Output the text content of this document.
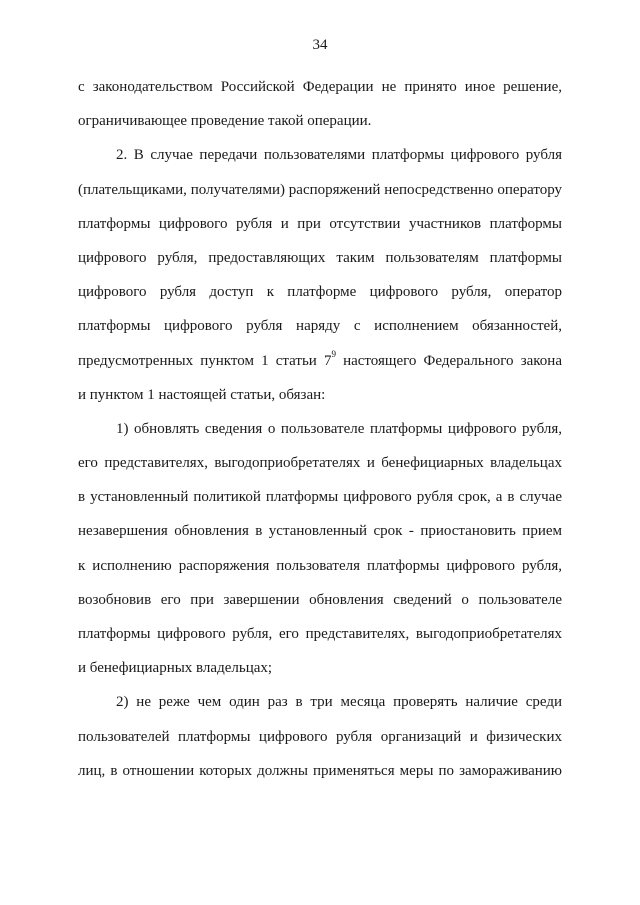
34
с законодательством Российской Федерации не принято иное решение,
ограничивающее проведение такой операции.
2. В случае передачи пользователями платформы цифрового рубля
(плательщиками, получателями) распоряжений непосредственно оператору
платформы цифрового рубля и при отсутствии участников платформы
цифрового рубля, предоставляющих таким пользователям платформы
цифрового рубля доступ к платформе цифрового рубля, оператор
платформы цифрового рубля наряду с исполнением обязанностей,
предусмотренных пунктом 1 статьи $7^9$ настоящего Федерального закона
и пунктом 1 настоящей статьи, обязан:
1) обновлять сведения о пользователе платформы цифрового рубля,
его представителях, выгодоприобретателях и бенефициарных владельцах
в установленный политикой платформы цифрового рубля срок, а в случае
незавершения обновления в установленный срок - приостановить прием
к исполнению распоряжения пользователя платформы цифрового рубля,
возобновив его при завершении обновления сведений о пользователе
платформы цифрового рубля, его представителях, выгодоприобретателях
и бенефициарных владельцах;
2) не реже чем один раз в три месяца проверять наличие среди
пользователей платформы цифрового рубля организаций и физических
лиц, в отношении которых должны применяться меры по замораживанию
